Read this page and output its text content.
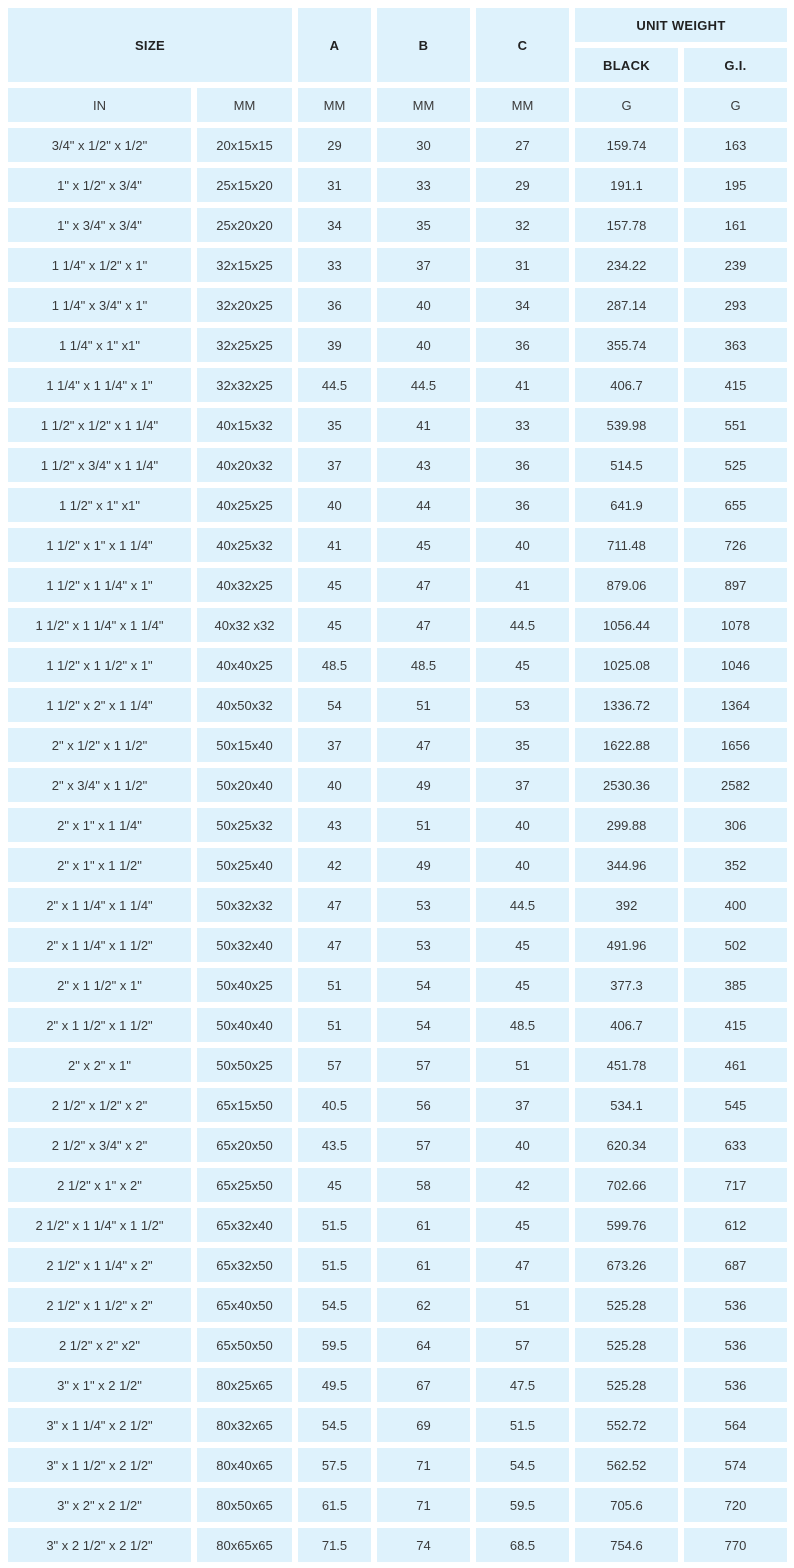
SIZE		A	B	C	UNIT WEIGHT	
					BLACK	G.I.
IN	MM	MM	MM	MM	G	G
3/4" x 1/2" x 1/2"	20x15x15	29	30	27	159.74	163
1" x 1/2" x 3/4"	25x15x20	31	33	29	191.1	195
1" x 3/4" x 3/4"	25x20x20	34	35	32	157.78	161
1 1/4" x 1/2" x 1"	32x15x25	33	37	31	234.22	239
1 1/4" x 3/4" x 1"	32x20x25	36	40	34	287.14	293
1 1/4" x 1" x1"	32x25x25	39	40	36	355.74	363
1 1/4" x 1 1/4" x 1"	32x32x25	44.5	44.5	41	406.7	415
1 1/2" x 1/2" x 1 1/4"	40x15x32	35	41	33	539.98	551
1 1/2" x 3/4" x 1 1/4"	40x20x32	37	43	36	514.5	525
1 1/2" x 1" x1"	40x25x25	40	44	36	641.9	655
1 1/2" x 1" x 1 1/4"	40x25x32	41	45	40	711.48	726
1 1/2" x 1 1/4" x 1"	40x32x25	45	47	41	879.06	897
1 1/2" x 1 1/4" x 1 1/4"	40x32 x32	45	47	44.5	1056.44	1078
1 1/2" x 1 1/2" x 1"	40x40x25	48.5	48.5	45	1025.08	1046
1 1/2" x 2" x 1 1/4"	40x50x32	54	51	53	1336.72	1364
2" x 1/2" x 1 1/2"	50x15x40	37	47	35	1622.88	1656
2" x 3/4" x 1 1/2"	50x20x40	40	49	37	2530.36	2582
2" x 1" x 1 1/4"	50x25x32	43	51	40	299.88	306
2" x 1" x 1 1/2"	50x25x40	42	49	40	344.96	352
2" x 1 1/4" x 1 1/4"	50x32x32	47	53	44.5	392	400
2" x 1 1/4" x 1 1/2"	50x32x40	47	53	45	491.96	502
2" x 1 1/2" x 1"	50x40x25	51	54	45	377.3	385
2" x 1 1/2" x 1 1/2"	50x40x40	51	54	48.5	406.7	415
2" x 2" x 1"	50x50x25	57	57	51	451.78	461
2 1/2" x 1/2" x 2"	65x15x50	40.5	56	37	534.1	545
2 1/2" x 3/4" x 2"	65x20x50	43.5	57	40	620.34	633
2 1/2" x 1" x 2"	65x25x50	45	58	42	702.66	717
2 1/2" x 1 1/4" x 1 1/2"	65x32x40	51.5	61	45	599.76	612
2 1/2" x 1 1/4" x 2"	65x32x50	51.5	61	47	673.26	687
2 1/2" x 1 1/2" x 2"	65x40x50	54.5	62	51	525.28	536
2 1/2" x 2" x2"	65x50x50	59.5	64	57	525.28	536
3" x 1" x 2 1/2"	80x25x65	49.5	67	47.5	525.28	536
3" x 1 1/4" x 2 1/2"	80x32x65	54.5	69	51.5	552.72	564
3" x 1 1/2" x 2 1/2"	80x40x65	57.5	71	54.5	562.52	574
3" x 2" x 2 1/2"	80x50x65	61.5	71	59.5	705.6	720
3" x 2 1/2" x 2 1/2"	80x65x65	71.5	74	68.5	754.6	770
